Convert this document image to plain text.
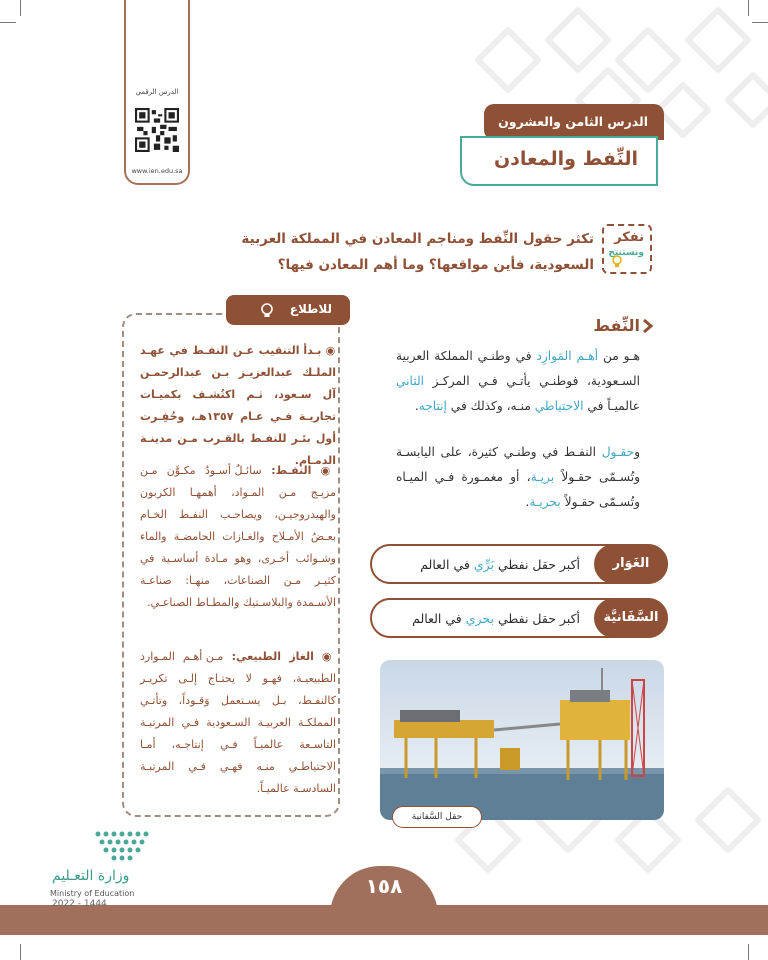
الدرس الرقمي
www.ien.edu.sa
الدرس الثامن والعشرون
النِّفط والمعادن
نفكر
ونستنتج
تكثر حقول النِّفط ومناجم المعادن في المملكة العربية السعودية، فأين مواقعها؟ وما أهم المعادن فيها؟
النِّفط
هـو من أهـم المَوارِد في وطنـي المملكة العربية السـعودية، فوطنـي يأتـي فـي المركـز الثاني عالميـاً في الاحتياطي منـه، وكذلك في إنتاجه.
وحقـول النفـط في وطنـي كثيرة، على اليابسـة وتُسـمّى حقـولاً بريـة، أو مغمـورة فـي الميـاه وتُسـمّى حقـولاً بحريـة.
الغَوَار
أكبر حقل نفطي بَرِّي في العالم
السَّفَانيَّة
أكبر حقل نفطي بحري في العالم
حقل السَّفانية
للاطلاع
◉ بـدأ التنقيب عـن النفـط في عهـد الملـك عبدالعزيـز بـن عبدالرحمـن آل سـعود، ثـم اكتُشـف بكميـات تجاريـة فـي عـام ١٣٥٧هـ، وحُفِـرت أول بئـر للنفـط بالقـرب مـن مدينـة الدمـام.
◉ النفـط: سائـلٌ أسـودُ مكـوَّن مـن مزيـج مـن المـواد، أهمهـا الكربون والهيدروجيـن، ويصاحـب النفـط الخـام بعـضُ الأمـلاح والغـازات الحامضـة والماء وشـوائب أخـرى، وهو مـادة أساسـية في كثيـر مـن الصناعات، منهـا: صناعـة الأسـمدة والبلاسـتيك والمطـاط الصناعـي.
◉ الغاز الطبيعي: مـن أهـم المـوارد الطبيعيـة، فهـو لا يحتـاج إلـى تكريـر كالنفـط، بـل يسـتعمل وَقـوداً، وتأتـي المملكـة العربيـة السـعودية فـي المرتبـة التاسـعة عالميـاً فـي إنتاجـه، أمـا الاحتياطـي منـه فهـي فـي المرتبـة السادسـة عالميـاً.
وزارة التعـليم
Ministry of Education
2022 - 1444
١٥٨
